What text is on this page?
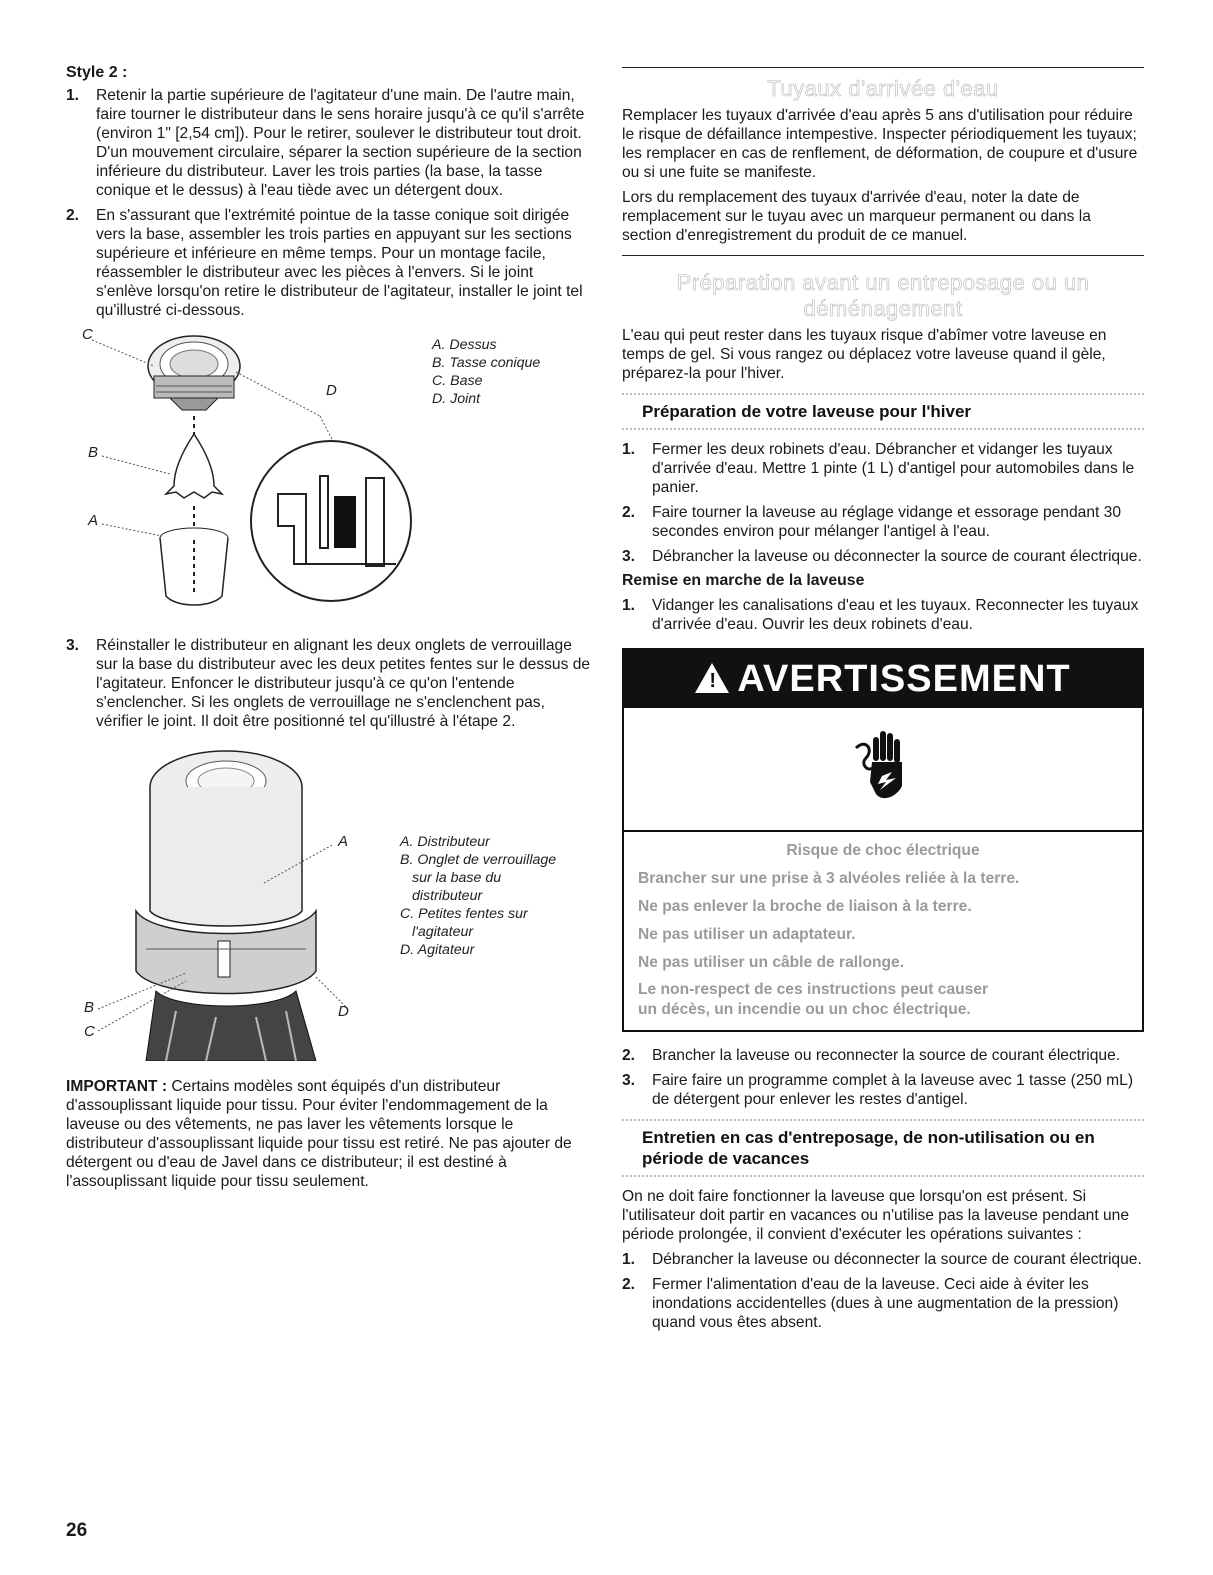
Style 2 :
1. Retenir la partie supérieure de l'agitateur d'une main. De l'autre main, faire tourner le distributeur dans le sens horaire jusqu'à ce qu'il s'arrête (environ 1" [2,54 cm]). Pour le retirer, soulever le distributeur tout droit. D'un mouvement circulaire, séparer la section supérieure de la section inférieure du distributeur. Laver les trois parties (la base, la tasse conique et le dessus) à l'eau tiède avec un détergent doux.
2. En s'assurant que l'extrémité pointue de la tasse conique soit dirigée vers la base, assembler les trois parties en appuyant sur les sections supérieure et inférieure en même temps. Pour un montage facile, réassembler le distributeur avec les pièces à l'envers. Si le joint s'enlève lorsqu'on retire le distributeur de l'agitateur, installer le joint tel qu'illustré ci-dessous.
C
D
B
A
A. Dessus
B. Tasse conique
C. Base
D. Joint
3. Réinstaller le distributeur en alignant les deux onglets de verrouillage sur la base du distributeur avec les deux petites fentes sur le dessus de l'agitateur. Enfoncer le distributeur jusqu'à ce qu'on l'entende s'enclencher. Si les onglets de verrouillage ne s'enclenchent pas, vérifier le joint. Il doit être positionné tel qu'illustré à l'étape 2.
A
B	D
C
A. Distributeur
B. Onglet de verrouillage
sur la base du
distributeur
C. Petites fentes sur
l'agitateur
D. Agitateur

IMPORTANT : Certains modèles sont équipés d'un distributeur d'assouplissant liquide pour tissu. Pour éviter l'endommagement de la laveuse ou des vêtements, ne pas laver les vêtements lorsque le distributeur d'assouplissant liquide pour tissu est retiré. Ne pas ajouter de détergent ou d'eau de Javel dans ce distributeur; il est destiné à l'assouplissant liquide pour tissu seulement.

Tuyaux d'arrivée d'eau

Remplacer les tuyaux d'arrivée d'eau après 5 ans d'utilisation pour réduire le risque de défaillance intempestive. Inspecter périodiquement les tuyaux; les remplacer en cas de renflement, de déformation, de coupure et d'usure ou si une fuite se manifeste.

Lors du remplacement des tuyaux d'arrivée d'eau, noter la date de remplacement sur le tuyau avec un marqueur permanent ou dans la section d'enregistrement du produit de ce manuel.

Préparation avant un entreposage ou un
déménagement

L'eau qui peut rester dans les tuyaux risque d'abîmer votre laveuse en temps de gel. Si vous rangez ou déplacez votre laveuse quand il gèle, préparez-la pour l'hiver.

Préparation de votre laveuse pour l'hiver
1. Fermer les deux robinets d'eau. Débrancher et vidanger les tuyaux d'arrivée d'eau. Mettre 1 pinte (1 L) d'antigel pour automobiles dans le panier.
2. Faire tourner la laveuse au réglage vidange et essorage pendant 30 secondes environ pour mélanger l'antigel à l'eau.
3. Débrancher la laveuse ou déconnecter la source de courant électrique.
Remise en marche de la laveuse
1. Vidanger les canalisations d'eau et les tuyaux. Reconnecter les tuyaux d'arrivée d'eau. Ouvrir les deux robinets d'eau.
! AVERTISSEMENT
Risque de choc électrique
Brancher sur une prise à 3 alvéoles reliée à la terre.
Ne pas enlever la broche de liaison à la terre.
Ne pas utiliser un adaptateur.
Ne pas utiliser un câble de rallonge.
Le non-respect de ces instructions peut causer
un décès, un incendie ou un choc électrique.
2. Brancher la laveuse ou reconnecter la source de courant électrique.
3. Faire faire un programme complet à la laveuse avec 1 tasse (250 mL) de détergent pour enlever les restes d'antigel.
Entretien en cas d'entreposage, de non-utilisation ou en période de vacances

On ne doit faire fonctionner la laveuse que lorsqu'on est présent. Si l'utilisateur doit partir en vacances ou n'utilise pas la laveuse pendant une période prolongée, il convient d'exécuter les opérations suivantes :

1. Débrancher la laveuse ou déconnecter la source de courant électrique.
2. Fermer l'alimentation d'eau de la laveuse. Ceci aide à éviter les inondations accidentelles (dues à une augmentation de la pression) quand vous êtes absent.
26
